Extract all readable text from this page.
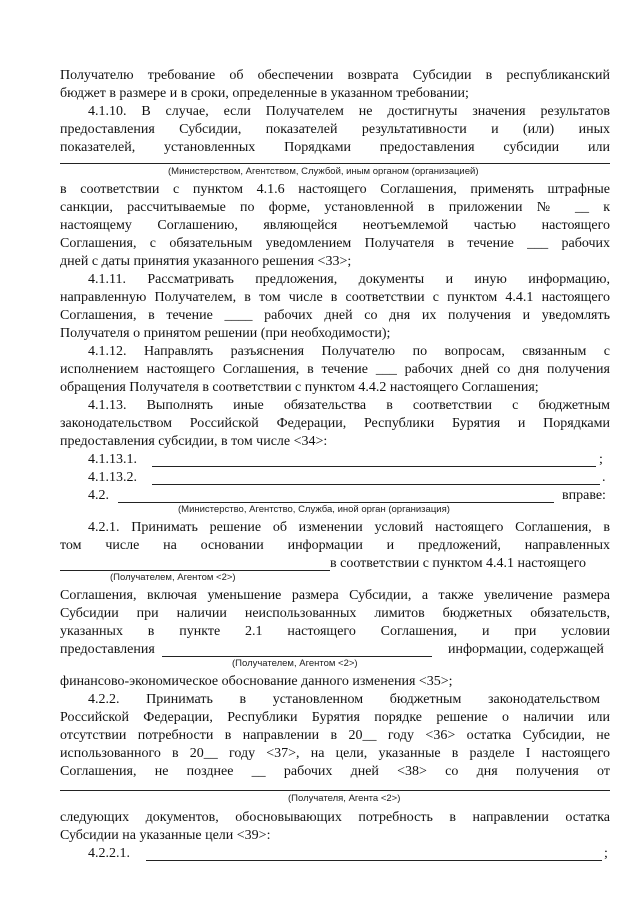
Получателю требование об обеспечении возврата Субсидии в республиканский
бюджет в размере и в сроки, определенные в указанном требовании;
4.1.10. В случае, если Получателем не достигнуты значения результатов
предоставления Субсидии, показателей результативности и (или) иных
показателей, установленных Порядками предоставления субсидии или
(Министерством, Агентством, Службой, иным органом (организацией)
в соответствии с пунктом 4.1.6 настоящего Соглашения, применять штрафные
санкции, рассчитываемые по форме, установленной в приложении № __ к
настоящему Соглашению, являющейся неотъемлемой частью настоящего
Соглашения, с обязательным уведомлением Получателя в течение ___ рабочих
дней с даты принятия указанного решения <33>;
4.1.11. Рассматривать предложения, документы и иную информацию,
направленную Получателем, в том числе в соответствии с пунктом 4.4.1 настоящего
Соглашения, в течение ____ рабочих дней со дня их получения и уведомлять
Получателя о принятом решении (при необходимости);
4.1.12. Направлять разъяснения Получателю по вопросам, связанным с
исполнением настоящего Соглашения, в течение ___ рабочих дней со дня получения
обращения Получателя в соответствии с пунктом 4.4.2 настоящего Соглашения;
4.1.13. Выполнять иные обязательства в соответствии с бюджетным
законодательством Российской Федерации, Республики Бурятия и Порядками
предоставления субсидии, в том числе <34>:
4.1.13.1.	;
4.1.13.2.	.
4.2.	вправе:
(Министерство, Агентство, Служба, иной орган (организация)
4.2.1. Принимать решение об изменении условий настоящего Соглашения, в
том числе на основании информации и предложений, направленных
в соответствии с пунктом 4.4.1 настоящего
(Получателем, Агентом <2>)
Соглашения, включая уменьшение размера Субсидии, а также увеличение размера
Субсидии при наличии неиспользованных лимитов бюджетных обязательств,
указанных в пункте 2.1 настоящего Соглашения, и при условии
предоставления	информации, содержащей
(Получателем, Агентом <2>)
финансово-экономическое обоснование данного изменения <35>;
4.2.2. Принимать в установленном бюджетным законодательством
Российской Федерации, Республики Бурятия порядке решение о наличии или
отсутствии потребности в направлении в 20__ году <36> остатка Субсидии, не
использованного в 20__ году <37>, на цели, указанные в разделе I настоящего
Соглашения, не позднее __ рабочих дней <38> со дня получения от
(Получателя, Агента <2>)
следующих документов, обосновывающих потребность в направлении остатка
Субсидии на указанные цели <39>:
4.2.2.1.	;
